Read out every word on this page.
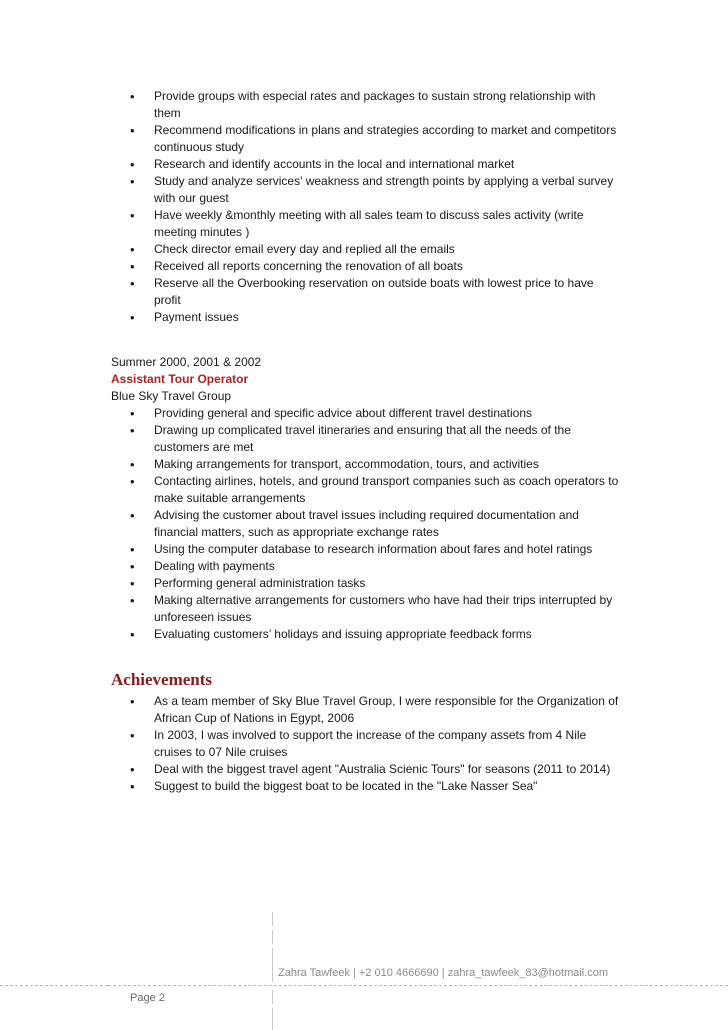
• Provide groups with especial rates and packages to sustain strong relationship with them
• Recommend modifications in plans and strategies according to market and competitors continuous study
• Research and identify accounts in the local and international market
• Study and analyze services' weakness and strength points by applying a verbal survey with our guest
• Have weekly &monthly meeting with all sales team to discuss sales activity (write meeting minutes )
• Check director email every day and replied all the emails
• Received all reports concerning the renovation of all boats
• Reserve all the Overbooking reservation on outside boats with lowest price to have profit
• Payment issues

Summer 2000, 2001 & 2002

Assistant Tour Operator

Blue Sky Travel Group

• Providing general and specific advice about different travel destinations
• Drawing up complicated travel itineraries and ensuring that all the needs of the customers are met
• Making arrangements for transport, accommodation, tours, and activities
• Contacting airlines, hotels, and ground transport companies such as coach operators to make suitable arrangements
• Advising the customer about travel issues including required documentation and financial matters, such as appropriate exchange rates
• Using the computer database to research information about fares and hotel ratings
• Dealing with payments
• Performing general administration tasks
• Making alternative arrangements for customers who have had their trips interrupted by unforeseen issues
• Evaluating customers’ holidays and issuing appropriate feedback forms
Achievements
• As a team member of Sky Blue Travel Group, I were responsible for the Organization of African Cup of Nations in Egypt, 2006
• In 2003, I was involved to support the increase of the company assets from 4 Nile cruises to 07 Nile cruises
• Deal with the biggest travel agent "Australia Scienic Tours" for seasons (2011 to 2014)
• Suggest to build the biggest boat to be located in the "Lake Nasser Sea"
Zahra Tawfeek | +2 010 4666690 | zahra_tawfeek_83@hotmail.com
Page 2
